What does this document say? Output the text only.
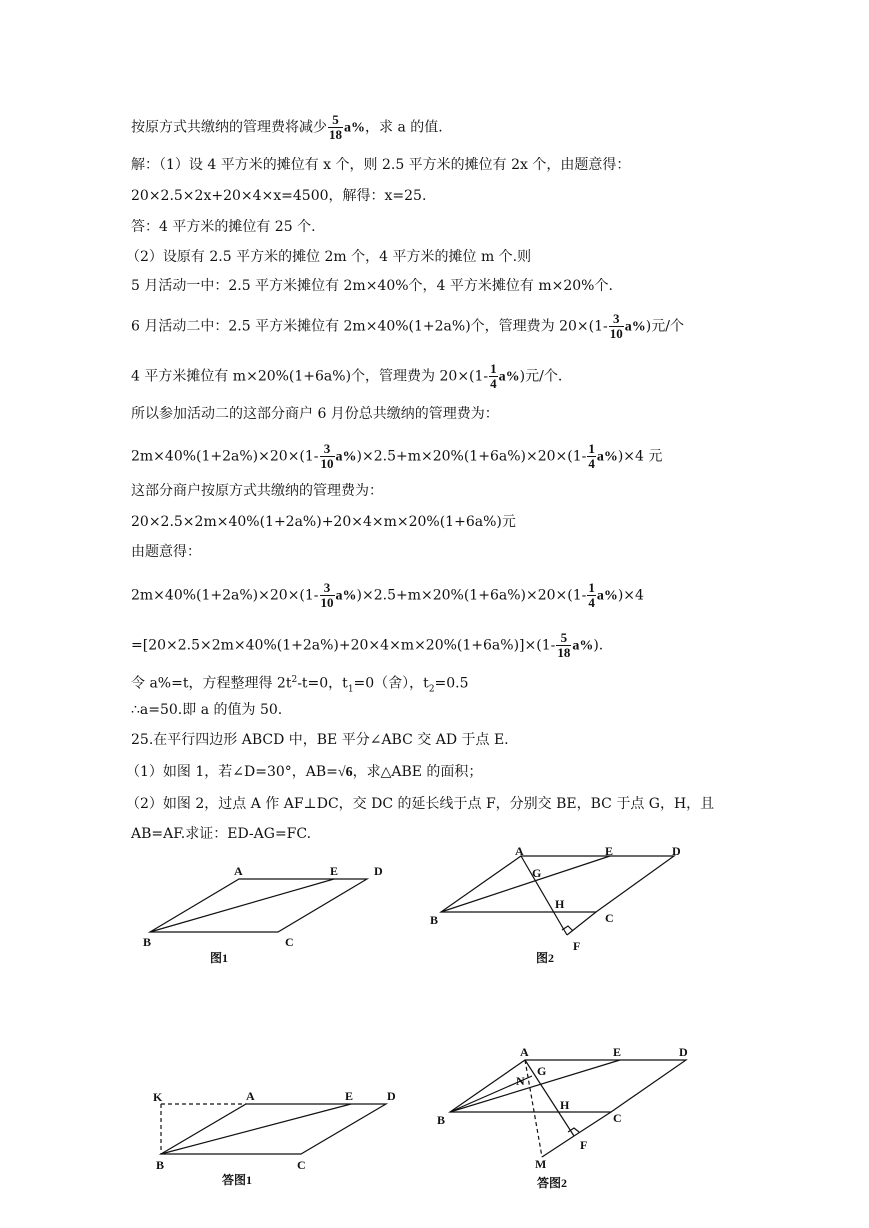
按原方式共缴纳的管理费将减少 $\frac{5}{18} a\%$，求 a 的值.
解：（1）设 4 平方米的摊位有 x 个，则 2.5 平方米的摊位有 2x 个，由题意得：
20×2.5×2x+20×4×x=4500，解得：x=25.
答：4 平方米的摊位有 25 个.
（2）设原有 2.5 平方米的摊位 2m 个，4 平方米的摊位 m 个.则
5 月活动一中：2.5 平方米摊位有 2m×40%个，4 平方米摊位有 m×20%个.
6 月活动二中：2.5 平方米摊位有 2m×40%(1+2a%)个，管理费为 $20\times(1- \frac{3}{10} a\%)$元/个
4 平方米摊位有 m×20%(1+6a%)个，管理费为 $20\times(1- \frac{1}{4} a\%)$元/个.
所以参加活动二的这部分商户 6 月份总共缴纳的管理费为：
$2m\times 40\%(1+2a\%)\times 20\times(1- \frac{3}{10} a\%)\times 2.5+m\times 20\%(1+6a\%)\times 20\times(1- \frac{1}{4} a\%)\times 4$ 元
这部分商户按原方式共缴纳的管理费为：
20×2.5×2m×40%(1+2a%)+20×4×m×20%(1+6a%)元
由题意得：
$2m\times 40\%(1+2a\%)\times 20\times(1- \frac{3}{10} a\%)\times 2.5+m\times 20\%(1+6a\%)\times 20\times(1- \frac{1}{4} a\%)\times 4$
$=[20\times 2.5\times 2m\times 40\%(1+2a\%)+20\times 4\times m\times 20\%(1+6a\%)]\times(1- \frac{5}{18} a\%)$.
令 a%=t，方程整理得 $2t^2-t=0$，$t_1=0$（舍），$t_2=0.5$
∴a=50.即 a 的值为 50.
25.在平行四边形 ABCD 中，BE 平分∠ABC 交 AD 于点 E.
（1）如图 1，若∠D=30°，AB=√6，求△ABE 的面积；
（2）如图 2，过点 A 作 AF⊥DC，交 DC 的延长线于点 F，分别交 BE，BC 于点 G，H，且
AB=AF.求证：ED-AG=FC.
A	E	D
B	C
图1
A	E	D
G
H
C
B
F
图2
K	A	E	D
B	C
答图1
A	E	D
N
G
H
C
B
F
M
答图2
